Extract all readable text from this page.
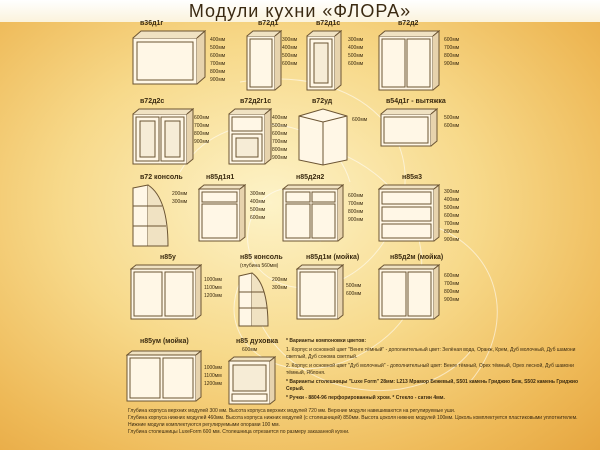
Модули кухни «ФЛОРА»
в36д1г
400мм
500мм
600мм
700мм
800мм
900мм
в72д1
300мм
400мм
500мм
600мм
в72д1с
300мм
400мм
500мм
600мм
в72д2
600мм
700мм
800мм
900мм
в72д2с
600мм
700мм
800мм
900мм
в72д2г1с
400мм
500мм
600мм
700мм
800мм
900мм
в72уд
600мм
в54д1г - вытяжка
500мм
600мм
в72 консоль
200мм
300мм
н85д1я1
300мм
400мм
500мм
600мм
н85д2я2
600мм
700мм
800мм
900мм
н85я3
300мм
400мм
500мм
600мм
700мм
800мм
900мм
н85у
1000мм
1100мм
1200мм
н85 консоль
(глубина 560мм)
200мм
300мм
н85д1м (мойка)
500мм
600мм
н85д2м (мойка)
600мм
700мм
800мм
900мм
н85ум (мойка)
1000мм
1100мм
1200мм
н85 духовка
600мм

* Варианты компоновки цветов:

1. Корпус и основной цвет "Венге тёмный" - дополнительный цвет: Зелёная вода, Оранж, Крем, Дуб молочный, Дуб шамони светлый, Дуб сонома светлый.

2. Корпус и основной цвет "Дуб молочный" - дополнительный цвет: Венге тёмный, Орех тёмный, Орех лесной, Дуб шамони тёмный, Яблоня.

* Варианты столешницы "Luxe Form" 28мм: L213 Мрамор Бежевый, S501 камень Гриджио Беж, S502 камень Гриджио Серый.

* Ручки - 8804-96 перфорированный хром. * Стекло - сатин 4мм.

Глубина корпуса верхних модулей 300 мм. Высота корпуса верхних модулей 720 мм. Верхние модули навешиваются на регулируемые уши.
Глубина корпуса нижних модулей 460мм. Высота корпуса нижних модулей (с столешницей) 850мм. Высота цоколя нижних модулей 100мм. Цоколь комплектуется пластиковыми уплотнителем.
Нижние модули комплектуются регулируемыми опорами 100 мм.
Глубина столешницы LuxeForm 600 мм. Столешница отрезается по размеру заказанной кухни.
